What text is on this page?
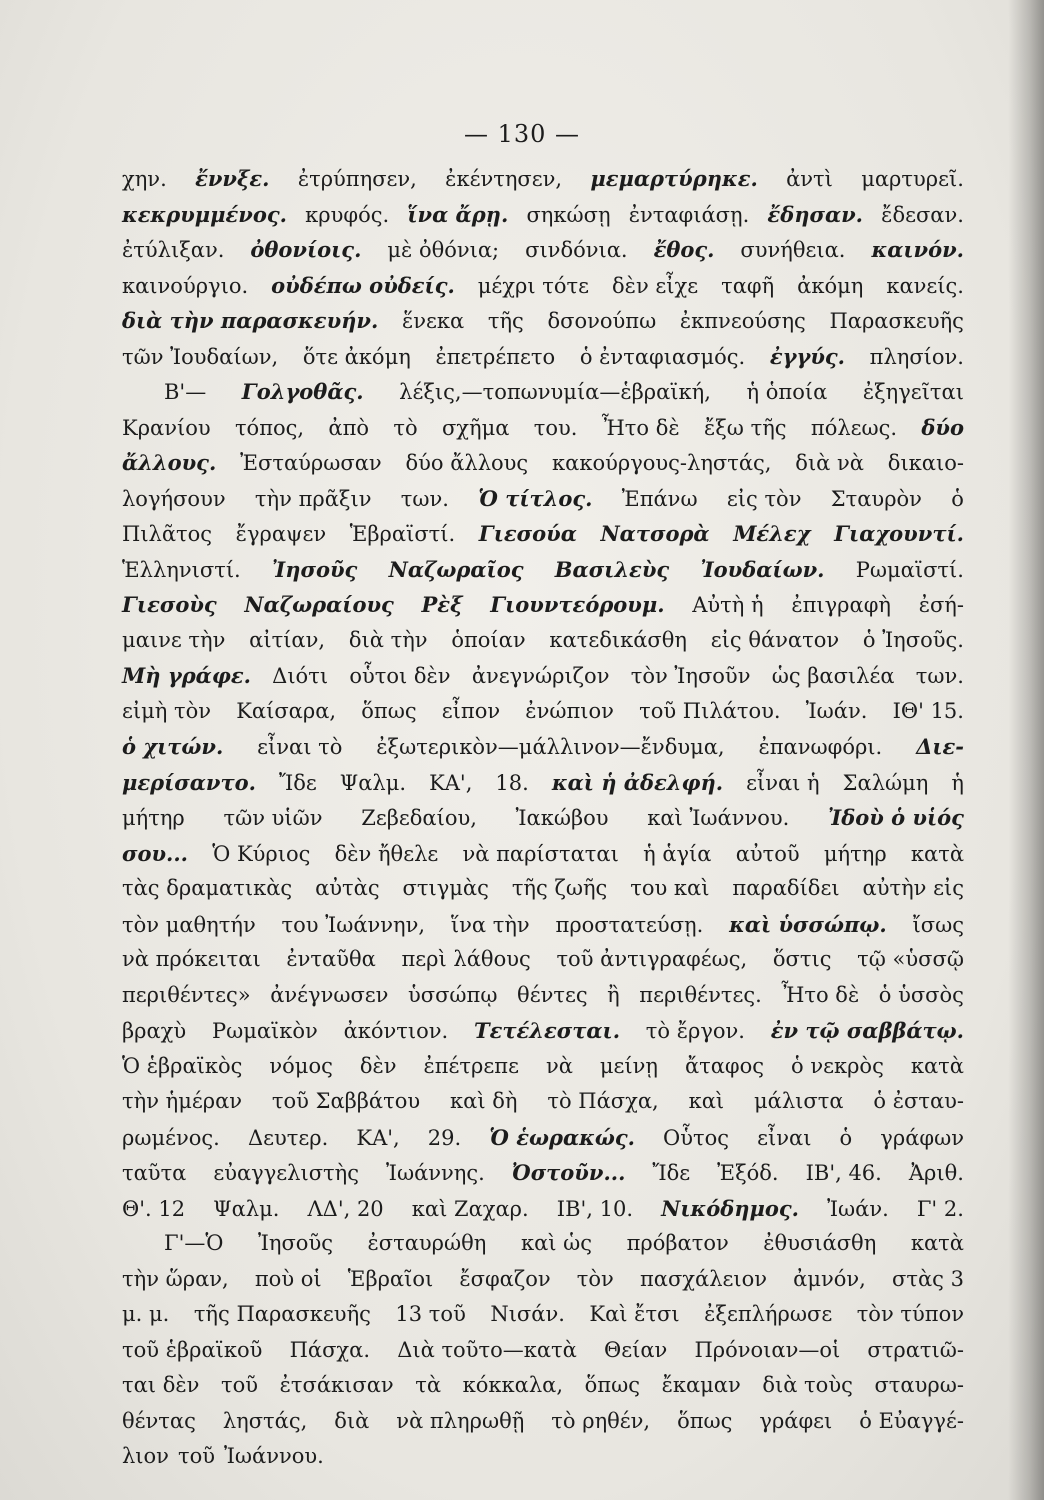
— 130 —
χην. ἔννξε. ἐτρύπησεν, ἐκέντησεν, μεμαρτύρηκε. ἀντὶ μαρτυρεῖ.
κεκρυμμένος. κρυφός. ἵνα ἄρῃ. σηκώσῃ ἐνταφιάσῃ. ἔδησαν. ἔδεσαν.
ἐτύλιξαν. ὀθονίοις. μὲ ὀθόνια; σινδόνια. ἔθος. συνήθεια. καινόν.
καινούργιο. οὐδέπω οὐδείς. μέχρι τότε δὲν εἶχε ταφῆ ἀκόμη κανείς.
διὰ τὴν παρασκευήν. ἕνεκα τῆς δσονούπω ἐκπνεούσης Παρασκευῆς
τῶν Ἰουδαίων, ὅτε ἀκόμη ἐπετρέπετο ὁ ἐνταφιασμός. ἐγγύς. πλησίον.
Β'— Γολγοθᾶς. λέξις,—τοπωνυμία—ἑβραϊκή, ἡ ὁποία ἐξηγεῖται
Κρανίου τόπος, ἀπὸ τὸ σχῆμα του. Ἦτο δὲ ἔξω τῆς πόλεως. δύο
ἄλλους. Ἐσταύρωσαν δύο ἄλλους κακούργους-ληστάς, διὰ νὰ δικαιο-
λογήσουν τὴν πρᾶξιν των. Ὁ τίτλος. Ἐπάνω εἰς τὸν Σταυρὸν ὁ
Πιλᾶτος ἔγραψεν Ἑβραϊστί. Γιεσούα Νατσορὰ Μέλεχ Γιαχουντί.
Ἑλληνιστί. Ἰησοῦς Ναζωραῖος Βασιλεὺς Ἰουδαίων. Ρωμαϊστί.
Γιεσοὺς Ναζωραίους Ρὲξ Γιουντεόρουμ. Αὐτὴ ἡ ἐπιγραφὴ ἐσή-
μαινε τὴν αἰτίαν, διὰ τὴν ὁποίαν κατεδικάσθη εἰς θάνατον ὁ Ἰησοῦς.
Μὴ γράφε. Διότι οὗτοι δὲν ἀνεγνώριζον τὸν Ἰησοῦν ὡς βασιλέα των.
εἰμὴ τὸν Καίσαρα, ὅπως εἶπον ἐνώπιον τοῦ Πιλάτου. Ἰωάν. ΙΘ' 15.
ὁ χιτών. εἶναι τὸ ἐξωτερικὸν—μάλλινον—ἔνδυμα, ἐπανωφόρι. Διε-
μερίσαντο. Ἴδε Ψαλμ. ΚΑ', 18. καὶ ἡ ἀδελφή. εἶναι ἡ Σαλώμη ἡ
μήτηρ τῶν υἱῶν Ζεβεδαίου, Ἰακώβου καὶ Ἰωάννου. Ἰδοὺ ὁ υἱός
σου... Ὁ Κύριος δὲν ἤθελε νὰ παρίσταται ἡ ἁγία αὐτοῦ μήτηρ κατὰ
τὰς δραματικὰς αὐτὰς στιγμὰς τῆς ζωῆς του καὶ παραδίδει αὐτὴν εἰς
τὸν μαθητήν του Ἰωάννην, ἵνα τὴν προστατεύσῃ. καὶ ὑσσώπῳ. ἴσως
νὰ πρόκειται ἐνταῦθα περὶ λάθους τοῦ ἀντιγραφέως, ὅστις τῷ «ὑσσῷ
περιθέντες» ἀνέγνωσεν ὑσσώπῳ θέντες ἢ περιθέντες. Ἦτο δὲ ὁ ὑσσὸς
βραχὺ Ρωμαϊκὸν ἀκόντιον. Τετέλεσται. τὸ ἔργον. ἐν τῷ σαββάτῳ.
Ὁ ἑβραϊκὸς νόμος δὲν ἐπέτρεπε νὰ μείνῃ ἄταφος ὁ νεκρὸς κατὰ
τὴν ἡμέραν τοῦ Σαββάτου καὶ δὴ τὸ Πάσχα, καὶ μάλιστα ὁ ἐσταυ-
ρωμένος. Δευτερ. ΚΑ', 29. Ὁ ἑωρακώς. Οὗτος εἶναι ὁ γράφων
ταῦτα εὐαγγελιστὴς Ἰωάννης. Ὀστοῦν... Ἴδε Ἐξόδ. ΙΒ', 46. Ἀριθ.
Θ'. 12 Ψαλμ. ΛΔ', 20 καὶ Ζαχαρ. ΙΒ', 10. Νικόδημος. Ἰωάν. Γ' 2.
Γ'—Ὁ Ἰησοῦς ἐσταυρώθη καὶ ὡς πρόβατον ἐθυσιάσθη κατὰ
τὴν ὥραν, ποὺ οἱ Ἑβραῖοι ἔσφαζον τὸν πασχάλειον ἀμνόν, στὰς 3
μ. μ. τῆς Παρασκευῆς 13 τοῦ Νισάν. Καὶ ἔτσι ἐξεπλήρωσε τὸν τύπον
τοῦ ἑβραϊκοῦ Πάσχα. Διὰ τοῦτο—κατὰ Θείαν Πρόνοιαν—οἱ στρατιῶ-
ται δὲν τοῦ ἐτσάκισαν τὰ κόκκαλα, ὅπως ἔκαμαν διὰ τοὺς σταυρω-
θέντας ληστάς, διὰ νὰ πληρωθῇ τὸ ρηθέν, ὅπως γράφει ὁ Εὐαγγέ-
λιον τοῦ Ἰωάννου.
